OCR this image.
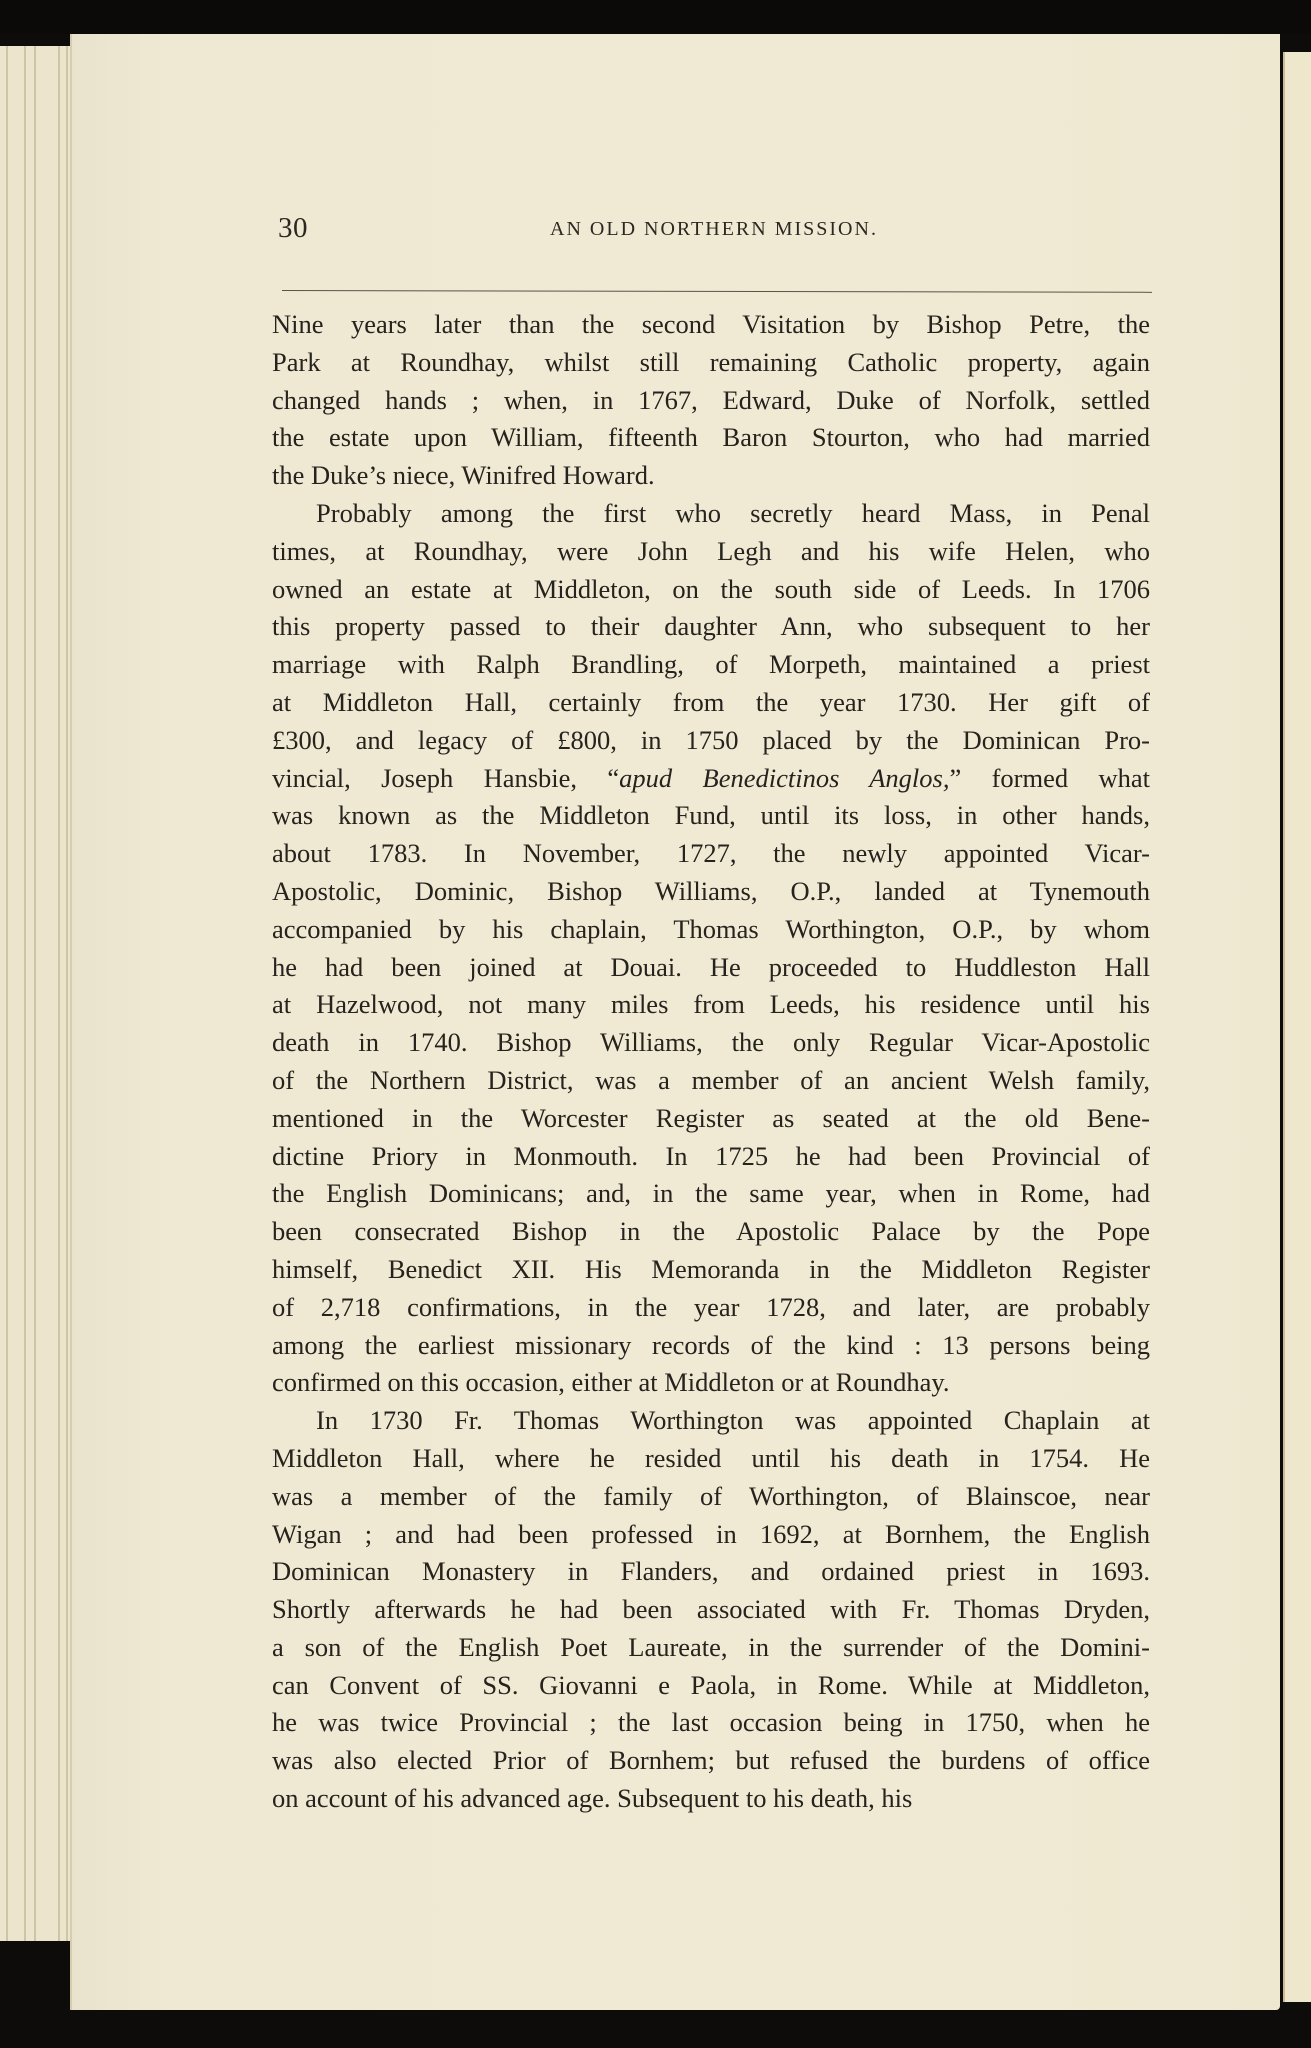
30	AN OLD NORTHERN MISSION.
Nine years later than the second Visitation by Bishop Petre, the
Park at Roundhay, whilst still remaining Catholic property, again
changed hands ; when, in 1767, Edward, Duke of Norfolk, settled
the estate upon William, fifteenth Baron Stourton, who had married
the Duke’s niece, Winifred Howard.
Probably among the first who secretly heard Mass, in Penal
times, at Roundhay, were John Legh and his wife Helen, who
owned an estate at Middleton, on the south side of Leeds. In 1706
this property passed to their daughter Ann, who subsequent to her
marriage with Ralph Brandling, of Morpeth, maintained a priest
at Middleton Hall, certainly from the year 1730. Her gift of
£300, and legacy of £800, in 1750 placed by the Dominican Pro-
vincial, Joseph Hansbie, “apud Benedictinos Anglos,” formed what
was known as the Middleton Fund, until its loss, in other hands,
about 1783. In November, 1727, the newly appointed Vicar-
Apostolic, Dominic, Bishop Williams, O.P., landed at Tynemouth
accompanied by his chaplain, Thomas Worthington, O.P., by whom
he had been joined at Douai. He proceeded to Huddleston Hall
at Hazelwood, not many miles from Leeds, his residence until his
death in 1740. Bishop Williams, the only Regular Vicar-Apostolic
of the Northern District, was a member of an ancient Welsh family,
mentioned in the Worcester Register as seated at the old Bene-
dictine Priory in Monmouth. In 1725 he had been Provincial of
the English Dominicans; and, in the same year, when in Rome, had
been consecrated Bishop in the Apostolic Palace by the Pope
himself, Benedict XII. His Memoranda in the Middleton Register
of 2,718 confirmations, in the year 1728, and later, are probably
among the earliest missionary records of the kind : 13 persons being
confirmed on this occasion, either at Middleton or at Roundhay.
In 1730 Fr. Thomas Worthington was appointed Chaplain at
Middleton Hall, where he resided until his death in 1754. He
was a member of the family of Worthington, of Blainscoe, near
Wigan ; and had been professed in 1692, at Bornhem, the English
Dominican Monastery in Flanders, and ordained priest in 1693.
Shortly afterwards he had been associated with Fr. Thomas Dryden,
a son of the English Poet Laureate, in the surrender of the Domini-
can Convent of SS. Giovanni e Paola, in Rome. While at Middleton,
he was twice Provincial ; the last occasion being in 1750, when he
was also elected Prior of Bornhem; but refused the burdens of office
on account of his advanced age. Subsequent to his death, his
